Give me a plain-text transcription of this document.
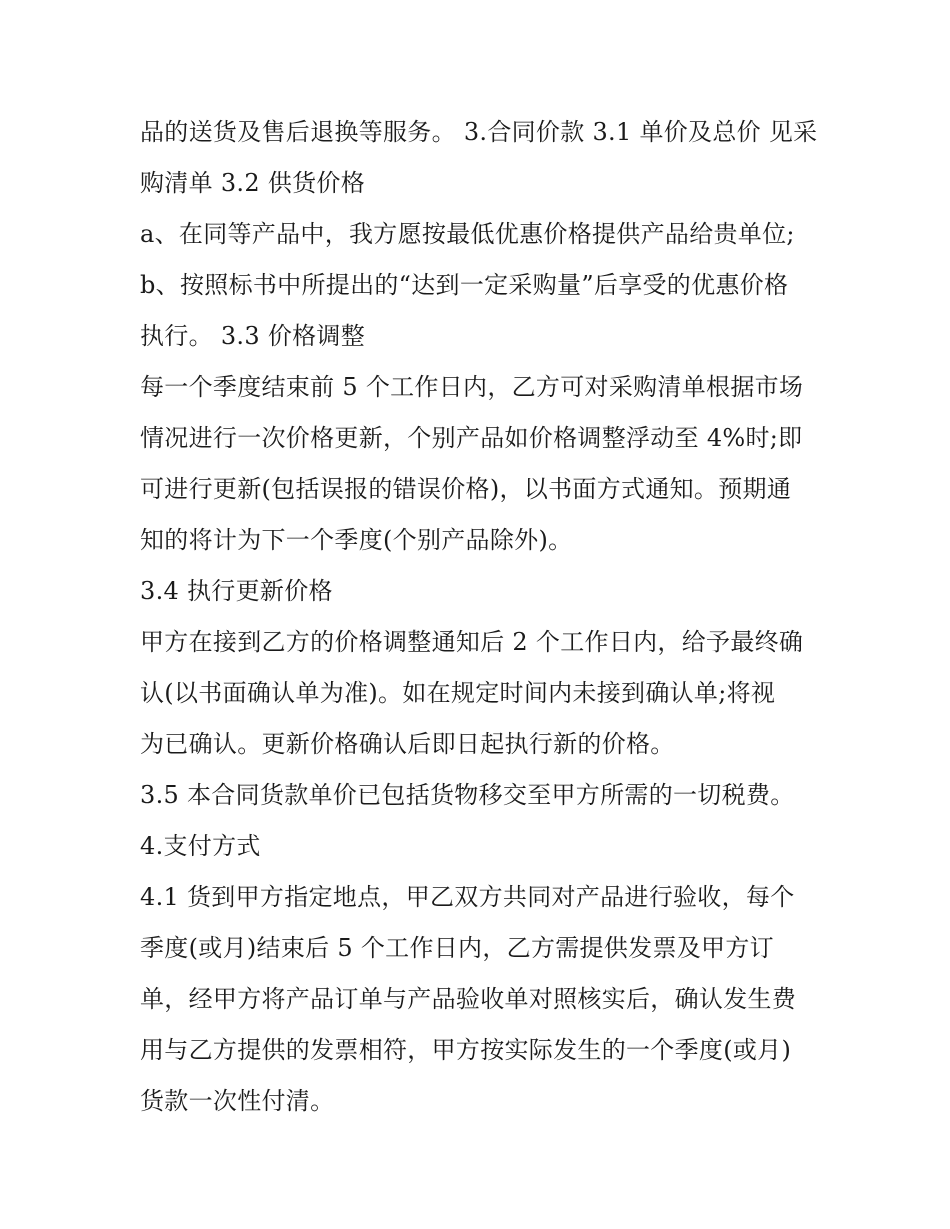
品的送货及售后退换等服务。 3.合同价款 3.1 单价及总价 见采
购清单 3.2 供货价格
a、在同等产品中，我方愿按最低优惠价格提供产品给贵单位;
b、按照标书中所提出的“达到一定采购量”后享受的优惠价格
执行。 3.3 价格调整
每一个季度结束前 5 个工作日内，乙方可对采购清单根据市场
情况进行一次价格更新，个别产品如价格调整浮动至 4%时;即
可进行更新(包括误报的错误价格)，以书面方式通知。预期通
知的将计为下一个季度(个别产品除外)。
3.4 执行更新价格
甲方在接到乙方的价格调整通知后 2 个工作日内，给予最终确
认(以书面确认单为准)。如在规定时间内未接到确认单;将视
为已确认。更新价格确认后即日起执行新的价格。
3.5 本合同货款单价已包括货物移交至甲方所需的一切税费。
4.支付方式
4.1 货到甲方指定地点，甲乙双方共同对产品进行验收，每个
季度(或月)结束后 5 个工作日内，乙方需提供发票及甲方订
单，经甲方将产品订单与产品验收单对照核实后，确认发生费
用与乙方提供的发票相符，甲方按实际发生的一个季度(或月)
货款一次性付清。
